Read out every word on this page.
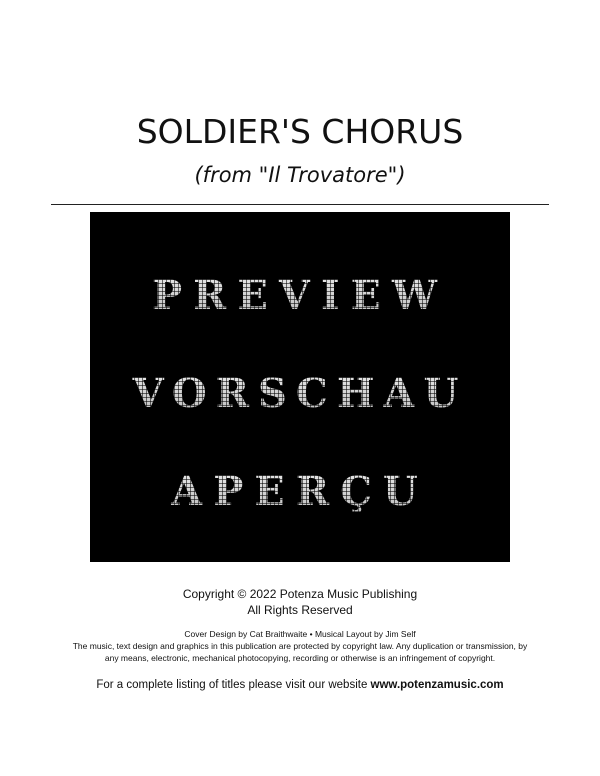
SOLDIER'S CHORUS
(from "Il Trovatore")
PREVIEW
VORSCHAU
APERÇU
Copyright © 2022 Potenza Music Publishing
All Rights Reserved
Cover Design by Cat Braithwaite • Musical Layout by Jim Self
The music, text design and graphics in this publication are protected by copyright law. Any duplication or transmission, by
any means, electronic, mechanical photocopying, recording or otherwise is an infringement of copyright.
For a complete listing of titles please visit our website www.potenzamusic.com
